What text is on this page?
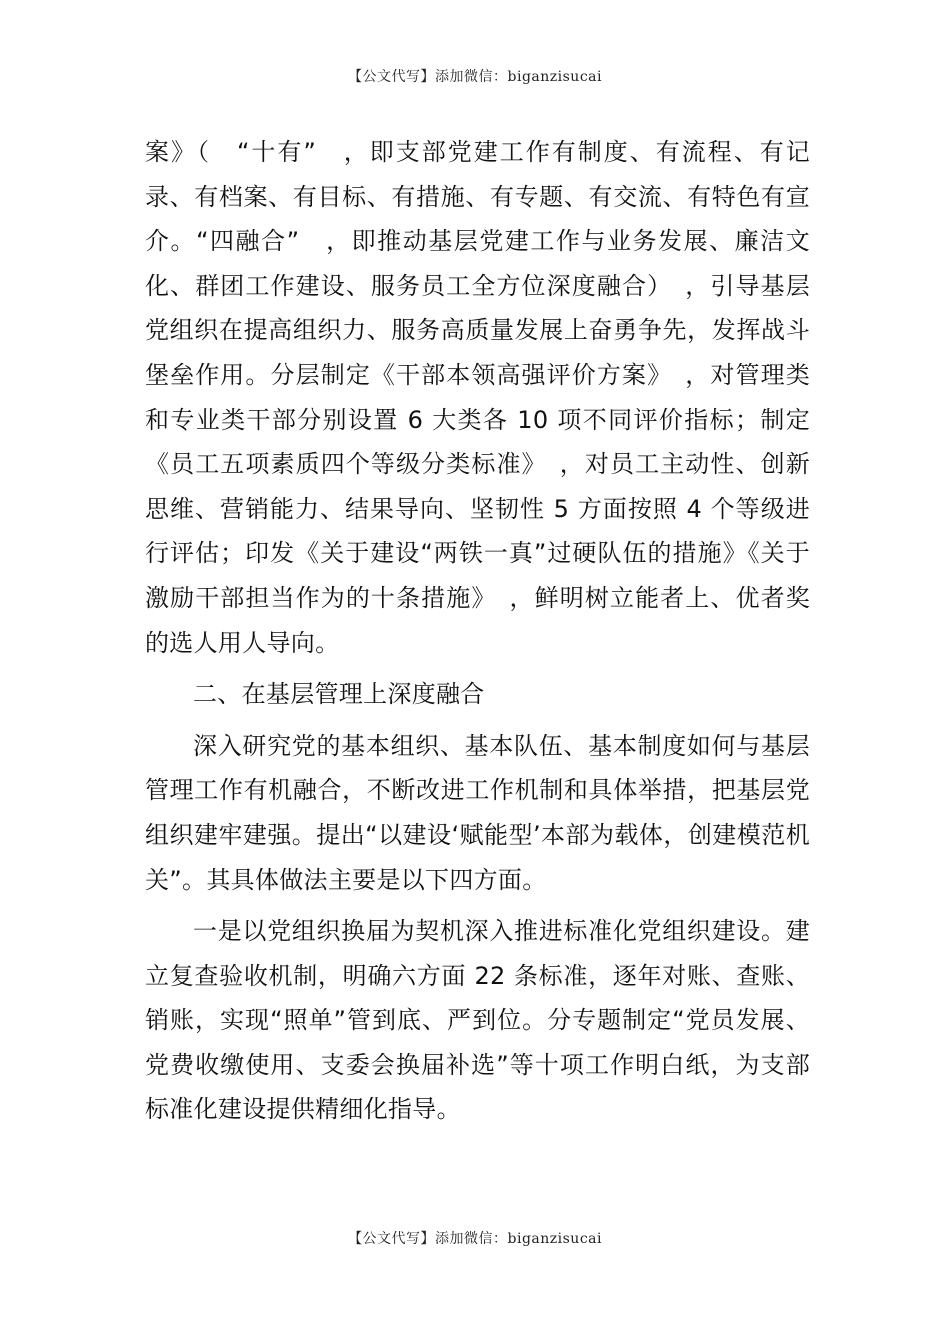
【公文代写】添加微信：biganzisucai

案》（　“十有”　，即支部党建工作有制度、有流程、有记录、有档案、有目标、有措施、有专题、有交流、有特色有宣介。“四融合”　，即推动基层党建工作与业务发展、廉洁文化、群团工作建设、服务员工全方位深度融合）　，引导基层党组织在提高组织力、服务高质量发展上奋勇争先，发挥战斗堡垒作用。分层制定《干部本领高强评价方案》　，对管理类和专业类干部分别设置 6 大类各 10 项不同评价指标；制定《员工五项素质四个等级分类标准》　，对员工主动性、创新思维、营销能力、结果导向、坚韧性 5 方面按照 4 个等级进行评估；印发《关于建设“两铁一真”过硬队伍的措施》《关于激励干部担当作为的十条措施》　，鲜明树立能者上、优者奖的选人用人导向。

二、在基层管理上深度融合

深入研究党的基本组织、基本队伍、基本制度如何与基层管理工作有机融合，不断改进工作机制和具体举措，把基层党组织建牢建强。提出“以建设‘赋能型’本部为载体，创建模范机关”。其具体做法主要是以下四方面。

一是以党组织换届为契机深入推进标准化党组织建设。建立复查验收机制，明确六方面 22 条标准，逐年对账、查账、销账，实现“照单”管到底、严到位。分专题制定“党员发展、党费收缴使用、支委会换届补选”等十项工作明白纸，为支部标准化建设提供精细化指导。

【公文代写】添加微信：biganzisucai
